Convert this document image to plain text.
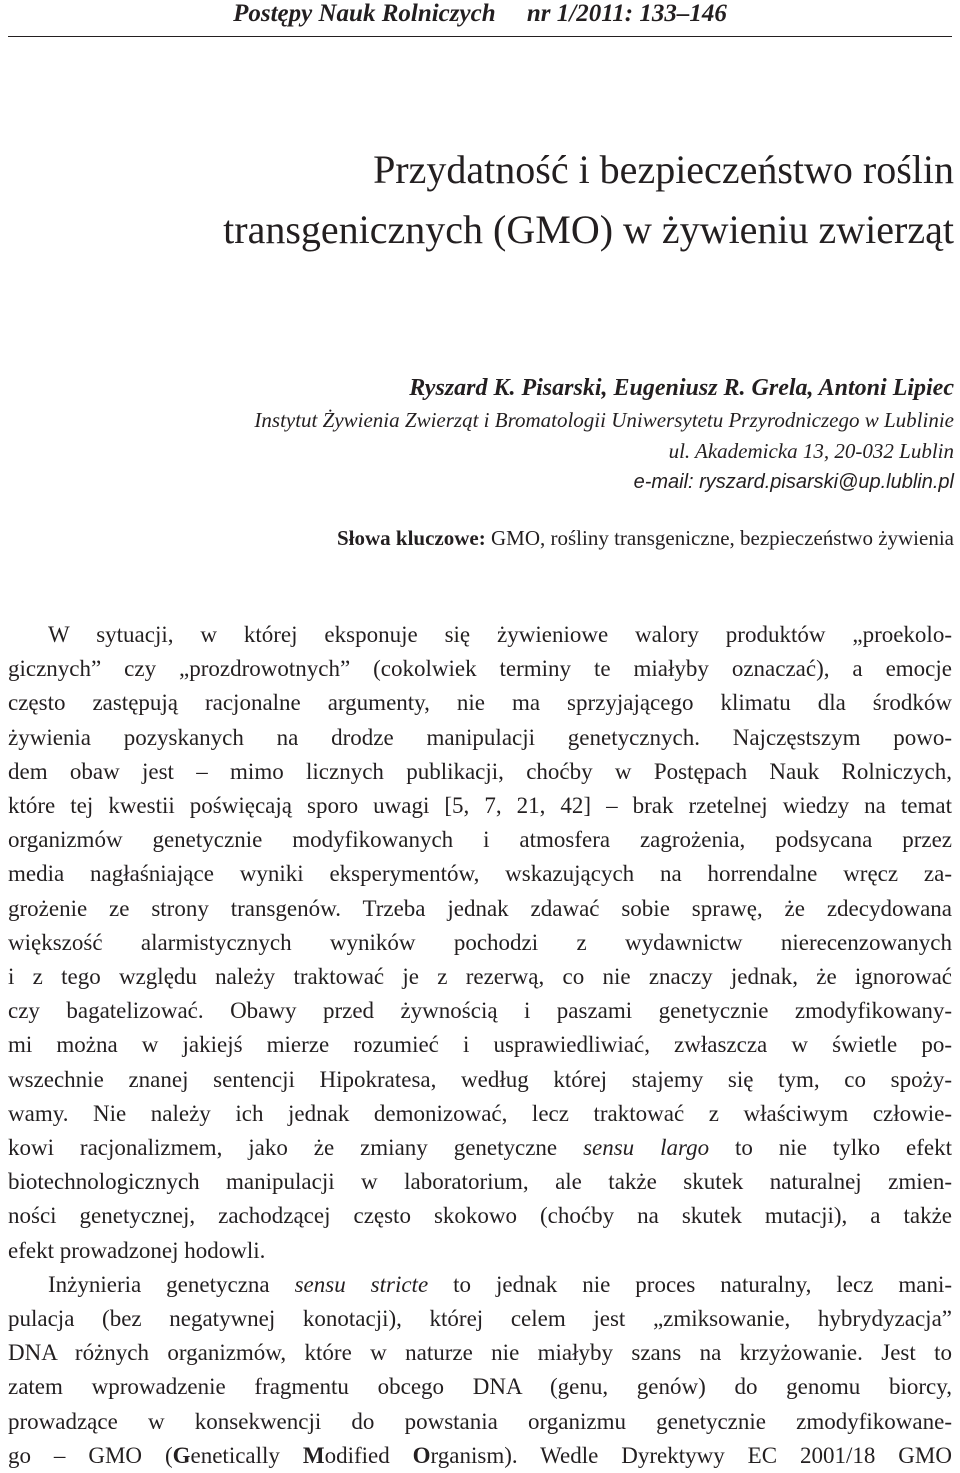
Postępy Nauk Rolniczych nr 1/2011: 133–146
Przydatność i bezpieczeństwo roślin
transgenicznych (GMO) w żywieniu zwierząt
Ryszard K. Pisarski, Eugeniusz R. Grela, Antoni Lipiec
Instytut Żywienia Zwierząt i Bromatologii Uniwersytetu Przyrodniczego w Lublinie
ul. Akademicka 13, 20-032 Lublin
e-mail: ryszard.pisarski@up.lublin.pl
Słowa kluczowe: GMO, rośliny transgeniczne, bezpieczeństwo żywienia
W sytuacji, w której eksponuje się żywieniowe walory produktów „proekolo-
gicznych” czy „prozdrowotnych” (cokolwiek terminy te miałyby oznaczać), a emocje
często zastępują racjonalne argumenty, nie ma sprzyjającego klimatu dla środków
żywienia pozyskanych na drodze manipulacji genetycznych. Najczęstszym powo-
dem obaw jest – mimo licznych publikacji, choćby w Postępach Nauk Rolniczych,
które tej kwestii poświęcają sporo uwagi [5, 7, 21, 42] – brak rzetelnej wiedzy na temat
organizmów genetycznie modyfikowanych i atmosfera zagrożenia, podsycana przez
media nagłaśniające wyniki eksperymentów, wskazujących na horrendalne wręcz za-
grożenie ze strony transgenów. Trzeba jednak zdawać sobie sprawę, że zdecydowana
większość alarmistycznych wyników pochodzi z wydawnictw nierecenzowanych
i z tego względu należy traktować je z rezerwą, co nie znaczy jednak, że ignorować
czy bagatelizować. Obawy przed żywnością i paszami genetycznie zmodyfikowany-
mi można w jakiejś mierze rozumieć i usprawiedliwiać, zwłaszcza w świetle po-
wszechnie znanej sentencji Hipokratesa, według której stajemy się tym, co spoży-
wamy. Nie należy ich jednak demonizować, lecz traktować z właściwym człowie-
kowi racjonalizmem, jako że zmiany genetyczne sensu largo to nie tylko efekt
biotechnologicznych manipulacji w laboratorium, ale także skutek naturalnej zmien-
ności genetycznej, zachodzącej często skokowo (choćby na skutek mutacji), a także
efekt prowadzonej hodowli.
Inżynieria genetyczna sensu stricte to jednak nie proces naturalny, lecz mani-
pulacja (bez negatywnej konotacji), której celem jest „zmiksowanie, hybrydyzacja”
DNA różnych organizmów, które w naturze nie miałyby szans na krzyżowanie. Jest to
zatem wprowadzenie fragmentu obcego DNA (genu, genów) do genomu biorcy,
prowadzące w konsekwencji do powstania organizmu genetycznie zmodyfikowane-
go – GMO (Genetically Modified Organism). Wedle Dyrektywy EC 2001/18 GMO
